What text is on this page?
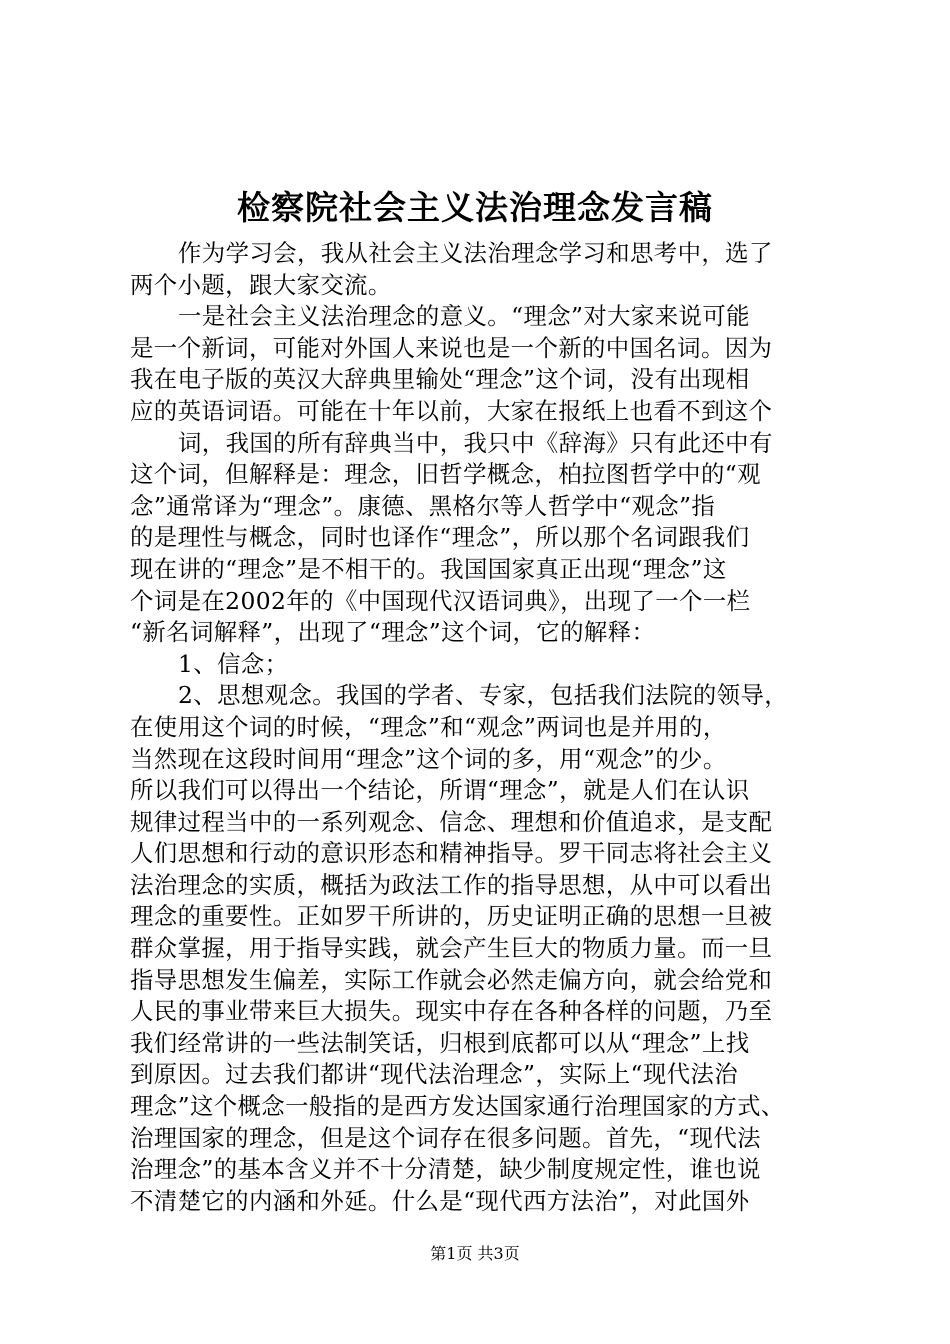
检察院社会主义法治理念发言稿
作为学习会，我从社会主义法治理念学习和思考中，选了
两个小题，跟大家交流。
一是社会主义法治理念的意义。“理念”对大家来说可能
是一个新词，可能对外国人来说也是一个新的中国名词。因为
我在电子版的英汉大辞典里输处“理念”这个词，没有出现相
应的英语词语。可能在十年以前，大家在报纸上也看不到这个
词，我国的所有辞典当中，我只中《辞海》只有此还中有
这个词，但解释是：理念，旧哲学概念，柏拉图哲学中的“观
念”通常译为“理念”。康德、黑格尔等人哲学中“观念”指
的是理性与概念，同时也译作“理念”，所以那个名词跟我们
现在讲的“理念”是不相干的。我国国家真正出现“理念”这
个词是在2002年的《中国现代汉语词典》，出现了一个一栏
“新名词解释”，出现了“理念”这个词，它的解释：
1、信念；
2、思想观念。我国的学者、专家，包括我们法院的领导，
在使用这个词的时候，“理念”和“观念”两词也是并用的，
当然现在这段时间用“理念”这个词的多，用“观念”的少。
所以我们可以得出一个结论，所谓“理念”，就是人们在认识
规律过程当中的一系列观念、信念、理想和价值追求，是支配
人们思想和行动的意识形态和精神指导。罗干同志将社会主义
法治理念的实质，概括为政法工作的指导思想，从中可以看出
理念的重要性。正如罗干所讲的，历史证明正确的思想一旦被
群众掌握，用于指导实践，就会产生巨大的物质力量。而一旦
指导思想发生偏差，实际工作就会必然走偏方向，就会给党和
人民的事业带来巨大损失。现实中存在各种各样的问题，乃至
我们经常讲的一些法制笑话，归根到底都可以从“理念”上找
到原因。过去我们都讲“现代法治理念”，实际上“现代法治
理念”这个概念一般指的是西方发达国家通行治理国家的方式、
治理国家的理念，但是这个词存在很多问题。首先，“现代法
治理念”的基本含义并不十分清楚，缺少制度规定性，谁也说
不清楚它的内涵和外延。什么是“现代西方法治”，对此国外
第1页 共3页
